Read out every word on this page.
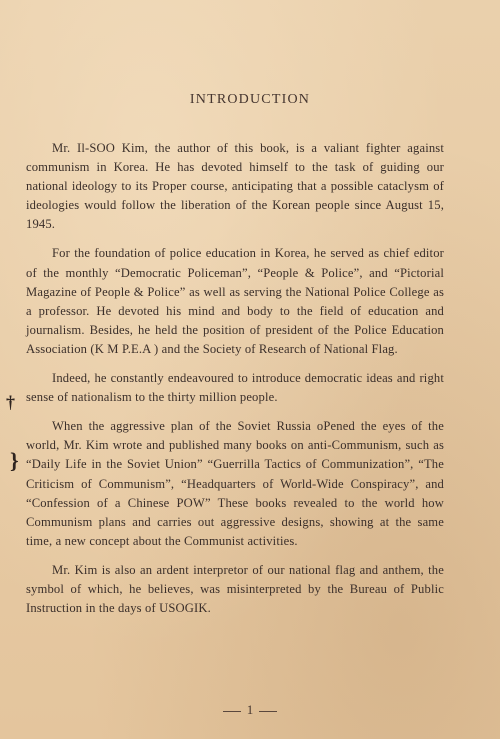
INTRODUCTION

Mr. Il-SOO Kim, the author of this book, is a valiant fighter against communism in Korea. He has devoted himself to the task of guiding our national ideology to its Proper course, anticipating that a possible cataclysm of ideologies would follow the liberation of the Korean people since August 15, 1945.

For the foundation of police education in Korea, he served as chief editor of the monthly “Democratic Policeman”, “People & Police”, and “Pictorial Magazine of People & Police” as well as serving the National Police College as a professor. He devoted his mind and body to the field of education and journalism. Besides, he held the position of president of the Police Education Association (K M P.E.A ) and the Society of Research of National Flag.

Indeed, he constantly endeavoured to introduce democratic ideas and right sense of nationalism to the thirty million people.

When the aggressive plan of the Soviet Russia oPened the eyes of the world, Mr. Kim wrote and published many books on anti-Communism, such as “Daily Life in the Soviet Union” “Guerrilla Tactics of Communization”, “The Criticism of Communism”, “Headquarters of World-Wide Conspiracy”, and “Confession of a Chinese POW” These books revealed to the world how Communism plans and carries out aggressive designs, showing at the same time, a new concept about the Communist activities.

Mr. Kim is also an ardent interpretor of our national flag and anthem, the symbol of which, he believes, was misinterpreted by the Bureau of Public Instruction in the days of USOGIK.

†
}
1
